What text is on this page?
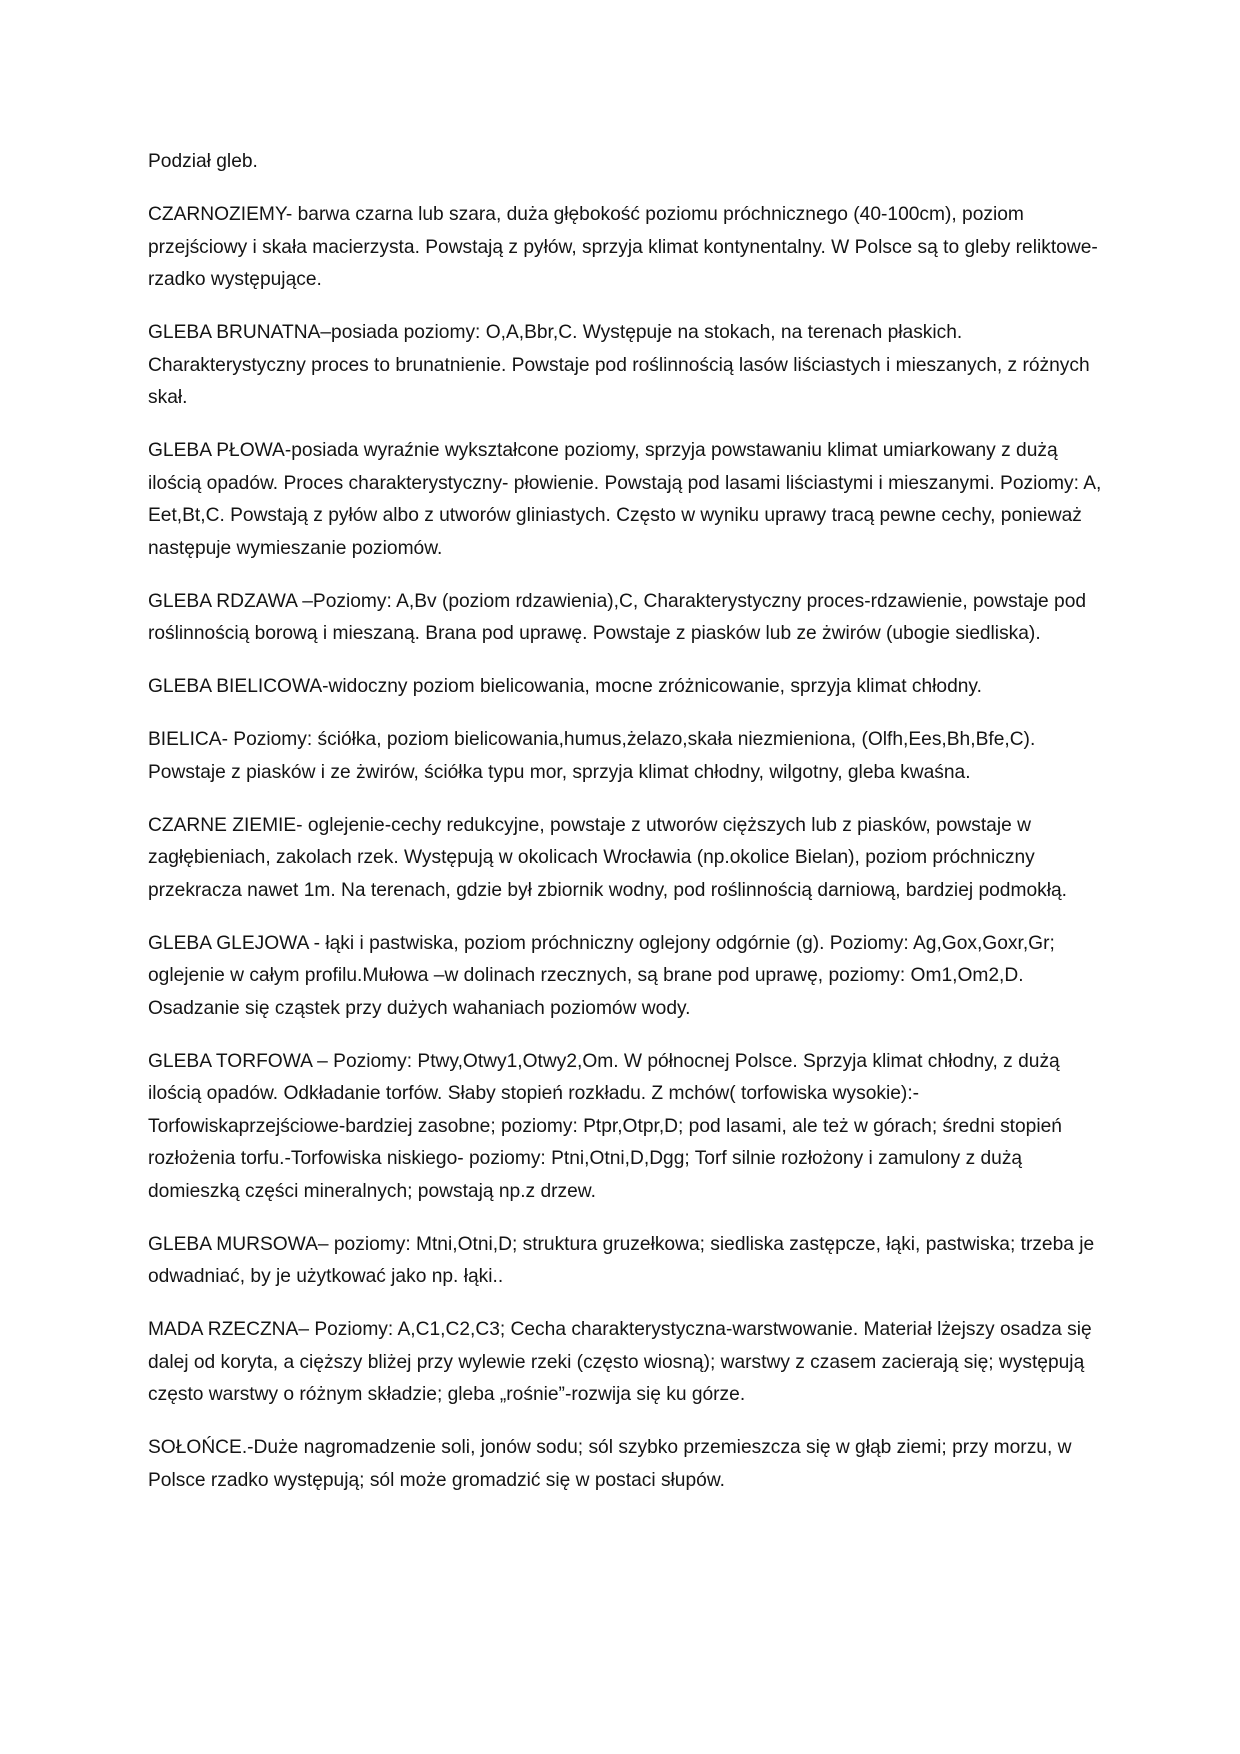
Podział gleb.

CZARNOZIEMY- barwa czarna lub szara, duża głębokość poziomu próchnicznego (40-100cm), poziom przejściowy i skała macierzysta. Powstają z pyłów, sprzyja klimat kontynentalny. W Polsce są to gleby reliktowe-rzadko występujące.

GLEBA BRUNATNA–posiada poziomy: O,A,Bbr,C. Występuje na stokach, na terenach płaskich. Charakterystyczny proces to brunatnienie. Powstaje pod roślinnością lasów liściastych i mieszanych, z różnych skał.

GLEBA PŁOWA-posiada wyraźnie wykształcone poziomy, sprzyja powstawaniu klimat umiarkowany z dużą ilością opadów. Proces charakterystyczny- płowienie. Powstają pod lasami liściastymi i mieszanymi. Poziomy: A, Eet,Bt,C. Powstają z pyłów albo z utworów gliniastych. Często w wyniku uprawy tracą pewne cechy, ponieważ następuje wymieszanie poziomów.

GLEBA RDZAWA –Poziomy: A,Bv (poziom rdzawienia),C, Charakterystyczny proces-rdzawienie, powstaje pod roślinnością borową i mieszaną. Brana pod uprawę. Powstaje z piasków lub ze żwirów (ubogie siedliska).

GLEBA BIELICOWA-widoczny poziom bielicowania, mocne zróżnicowanie, sprzyja klimat chłodny.

BIELICA- Poziomy: ściółka, poziom bielicowania,humus,żelazo,skała niezmieniona, (Olfh,Ees,Bh,Bfe,C). Powstaje z piasków i ze żwirów, ściółka typu mor, sprzyja klimat chłodny, wilgotny, gleba kwaśna.

CZARNE ZIEMIE- oglejenie-cechy redukcyjne, powstaje z utworów cięższych lub z piasków, powstaje w zagłębieniach, zakolach rzek. Występują w okolicach Wrocławia (np.okolice Bielan), poziom próchniczny przekracza nawet 1m. Na terenach, gdzie był zbiornik wodny, pod roślinnością darniową, bardziej podmokłą.

GLEBA GLEJOWA - łąki i pastwiska, poziom próchniczny oglejony odgórnie (g). Poziomy: Ag,Gox,Goxr,Gr; oglejenie w całym profilu.Mułowa –w dolinach rzecznych, są brane pod uprawę, poziomy: Om1,Om2,D. Osadzanie się cząstek przy dużych wahaniach poziomów wody.

GLEBA TORFOWA – Poziomy: Ptwy,Otwy1,Otwy2,Om. W północnej Polsce. Sprzyja klimat chłodny, z dużą ilością opadów. Odkładanie torfów. Słaby stopień rozkładu. Z mchów( torfowiska wysokie):-Torfowiskaprzejściowe-bardziej zasobne; poziomy: Ptpr,Otpr,D; pod lasami, ale też w górach; średni stopień rozłożenia torfu.-Torfowiska niskiego- poziomy: Ptni,Otni,D,Dgg; Torf silnie rozłożony i zamulony z dużą domieszką części mineralnych; powstają np.z drzew.

GLEBA MURSOWA– poziomy: Mtni,Otni,D; struktura gruzełkowa; siedliska zastępcze, łąki, pastwiska; trzeba je odwadniać, by je użytkować jako np. łąki..

MADA RZECZNA– Poziomy: A,C1,C2,C3; Cecha charakterystyczna-warstwowanie. Materiał lżejszy osadza się dalej od koryta, a cięższy bliżej przy wylewie rzeki (często wiosną); warstwy z czasem zacierają się; występują często warstwy o różnym składzie; gleba „rośnie”-rozwija się ku górze.

SOŁOŃCE.-Duże nagromadzenie soli, jonów sodu; sól szybko przemieszcza się w głąb ziemi; przy morzu, w Polsce rzadko występują; sól może gromadzić się w postaci słupów.
